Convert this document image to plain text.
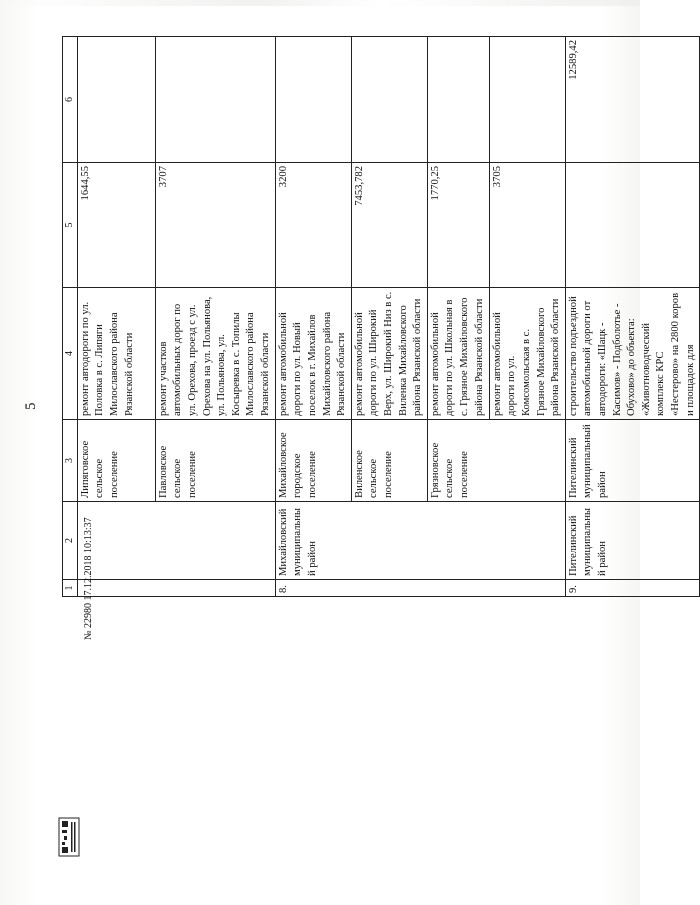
5
1	2	3	4	5	6
		Липяговское сельское поселение	ремонт автодороги по ул. Половка в с. Липяги Милославского района Рязанской области	1644,55	
		Павловское сельское поселение	ремонт участков автомобильных дорог по ул. Орехова, проезд с ул. Орехова на ул. Польянова, ул. Польянова, ул. Косыревка в с. Топилы Милославского района Рязанской области	3707	
8.	Михайловский муниципальный район	Михайловское городское поселение	ремонт автомобильной дороги по ул. Новый поселок в г. Михайлов Михайловского района Рязанской области	3200	
		Виленское сельское поселение	ремонт автомобильной дороги по ул. Широкий Верх, ул. Широкий Низ в с. Виленка Михайловского района Рязанской области	7453,782	
		Грязновское сельское поселение	ремонт автомобильной дороги по ул. Школьная в с. Грязное Михайловского района Рязанской области	1770,25	
			ремонт автомобильной дороги по ул. Комсомольская в с. Грязное Михайловского района Рязанской области	3705	
9.	Пителинский муниципальный район	Пителинский муниципальный район	строительство подъездной автомобильной дороги от автодороги: «Шацк - Касимов» - Подболотье - Обухово» до объекта: «Животноводческий комплекс КРС «Нестерово» на 2800 коров и площадок для		12589,42
№ 22980 17.12.2018 10:13:37
